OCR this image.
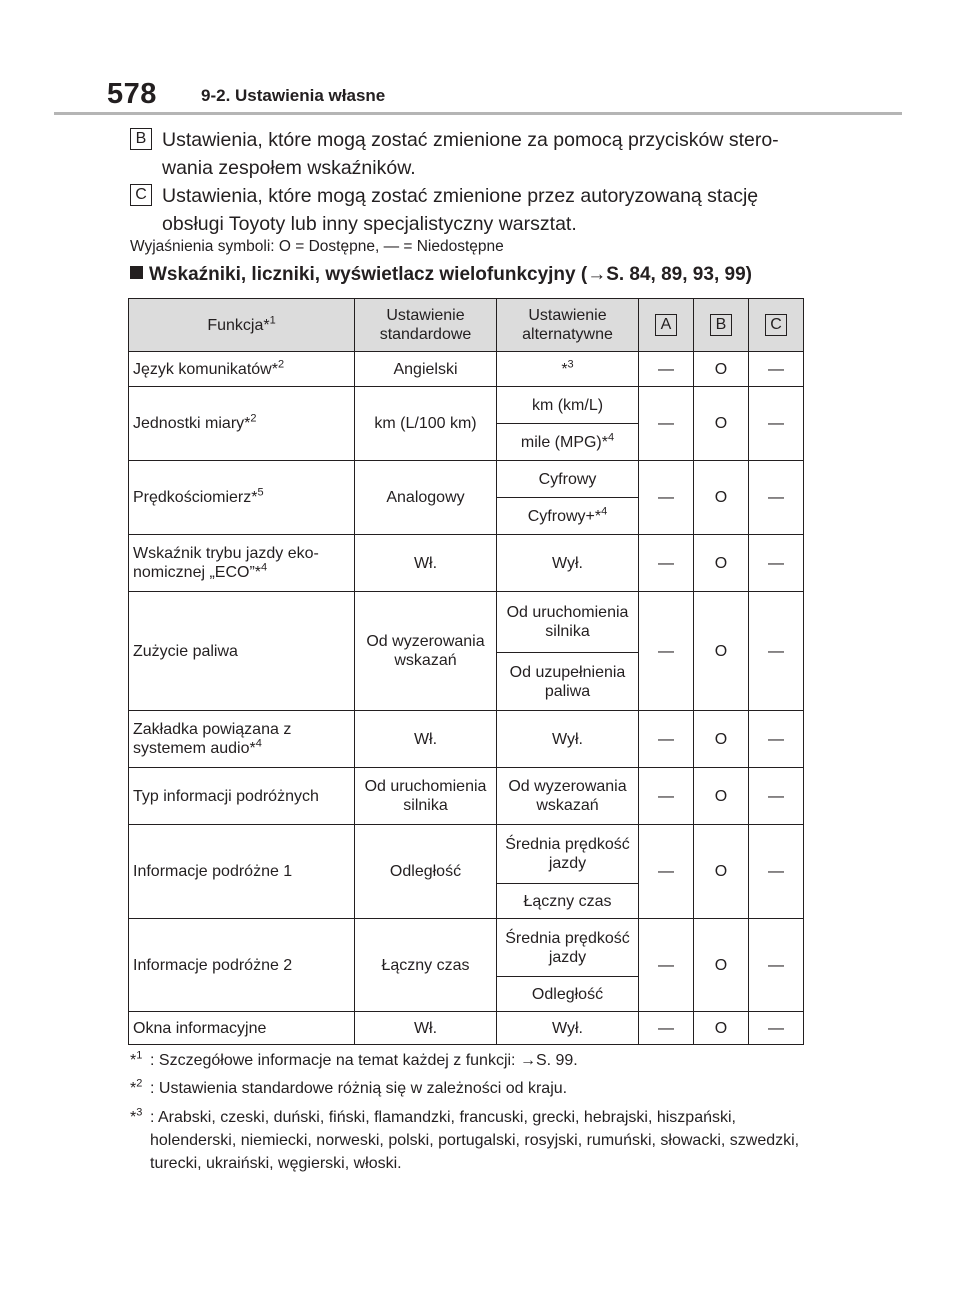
578	9-2. Ustawienia własne
B Ustawienia, które mogą zostać zmienione za pomocą przycisków stero-wania zespołem wskaźników.
C Ustawienia, które mogą zostać zmienione przez autoryzowaną stację obsługi Toyoty lub inny specjalistyczny warsztat.
Wyjaśnienia symboli: O = Dostępne, — = Niedostępne
Wskaźniki, liczniki, wyświetlacz wielofunkcyjny (→S. 84, 89, 93, 99)
Funkcja*$^1$	Ustawienie standardowe	Ustawienie alternatywne	A	B	C
Język komunikatów*$^2$	Angielski	*$^3$	—	O	—
Jednostki miary*$^2$	km (L/100 km)	km (km/L)	—	O	—
		mile (MPG)*$^4$
Prędkościomierz*$^5$	Analogowy	Cyfrowy	—	O	—
		Cyfrowy+*$^4$
Wskaźnik trybu jazdy eko-nomicznej „ECO”*$^4$	Wł.	Wył.	—	O	—
Zużycie paliwa	Od wyzerowania wskazań	Od uruchomienia silnika	—	O	—
		Od uzupełnienia paliwa			
Zakładka powiązana z systemem audio*$^4$	Wł.	Wył.	—	O	—
Typ informacji podróżnych	Od uruchomienia silnika	Od wyzerowania wskazań	—	O	—
Informacje podróżne 1	Odległość	Średnia prędkość jazdy	—	O	—
		Łączny czas			
Informacje podróżne 2	Łączny czas	Średnia prędkość jazdy	—	O	—
		Odległość			
Okna informacyjne	Wł.	Wył.	—	O	—
*$^1$ : Szczegółowe informacje na temat każdej z funkcji: →S. 99.
*$^2$ : Ustawienia standardowe różnią się w zależności od kraju.
*$^3$ : Arabski, czeski, duński, fiński, flamandzki, francuski, grecki, hebrajski, hiszpański, holenderski, niemiecki, norweski, polski, portugalski, rosyjski, rumuński, słowacki, szwedzki, turecki, ukraiński, węgierski, włoski.
